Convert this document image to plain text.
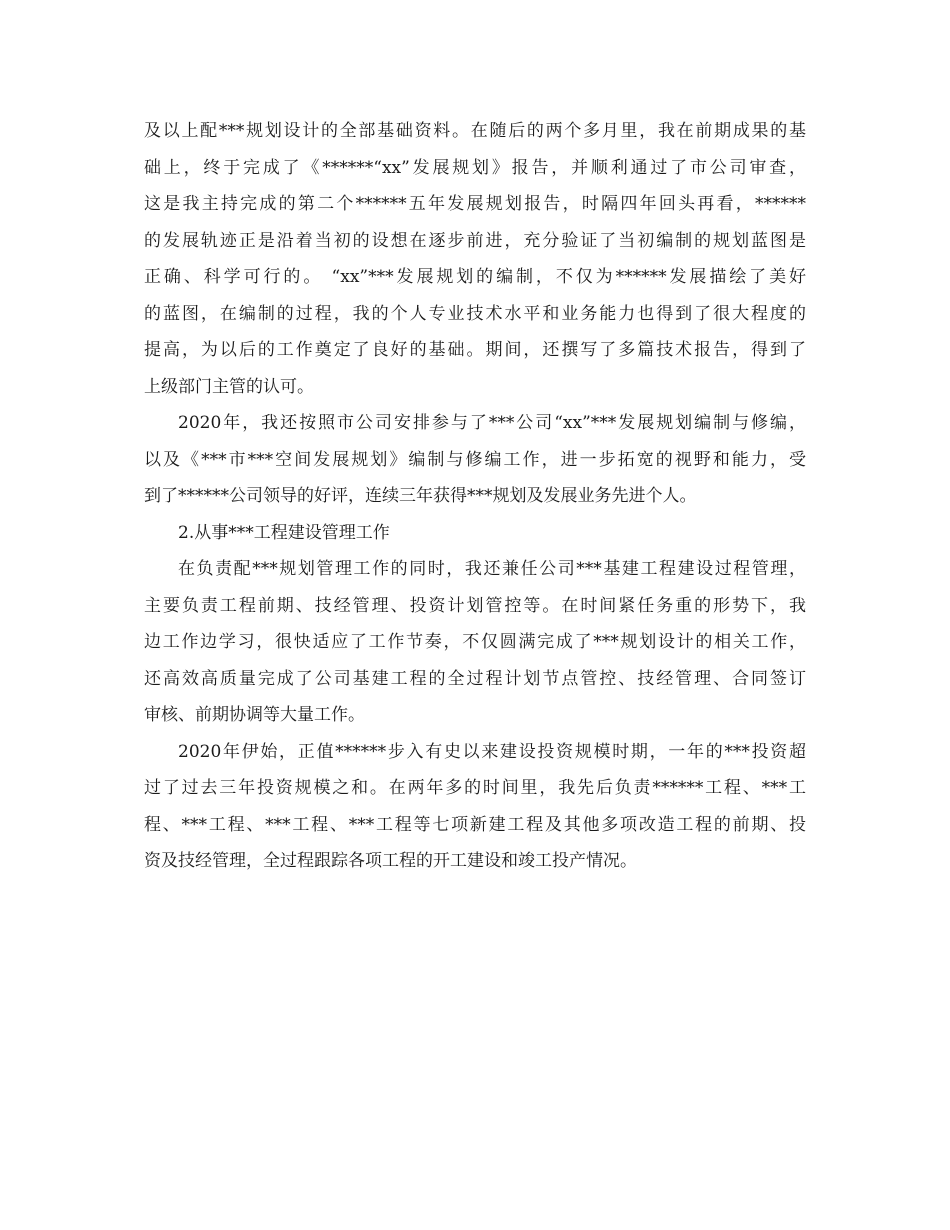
及以上配***规划设计的全部基础资料。在随后的两个多月里，我在前期成果的基
础上，终于完成了《******“xx”发展规划》报告，并顺利通过了市公司审查，
这是我主持完成的第二个******五年发展规划报告，时隔四年回头再看，******
的发展轨迹正是沿着当初的设想在逐步前进，充分验证了当初编制的规划蓝图是
正确、科学可行的。 “xx”***发展规划的编制，不仅为******发展描绘了美好
的蓝图，在编制的过程，我的个人专业技术水平和业务能力也得到了很大程度的
提高，为以后的工作奠定了良好的基础。期间，还撰写了多篇技术报告，得到了
上级部门主管的认可。
2020年，我还按照市公司安排参与了***公司“xx”***发展规划编制与修编，
以及《***市***空间发展规划》编制与修编工作，进一步拓宽的视野和能力，受
到了******公司领导的好评，连续三年获得***规划及发展业务先进个人。
2.从事***工程建设管理工作
在负责配***规划管理工作的同时，我还兼任公司***基建工程建设过程管理，
主要负责工程前期、技经管理、投资计划管控等。在时间紧任务重的形势下，我
边工作边学习，很快适应了工作节奏，不仅圆满完成了***规划设计的相关工作，
还高效高质量完成了公司基建工程的全过程计划节点管控、技经管理、合同签订
审核、前期协调等大量工作。
2020年伊始，正值******步入有史以来建设投资规模时期，一年的***投资超
过了过去三年投资规模之和。在两年多的时间里，我先后负责******工程、***工
程、***工程、***工程、***工程等七项新建工程及其他多项改造工程的前期、投
资及技经管理，全过程跟踪各项工程的开工建设和竣工投产情况。
